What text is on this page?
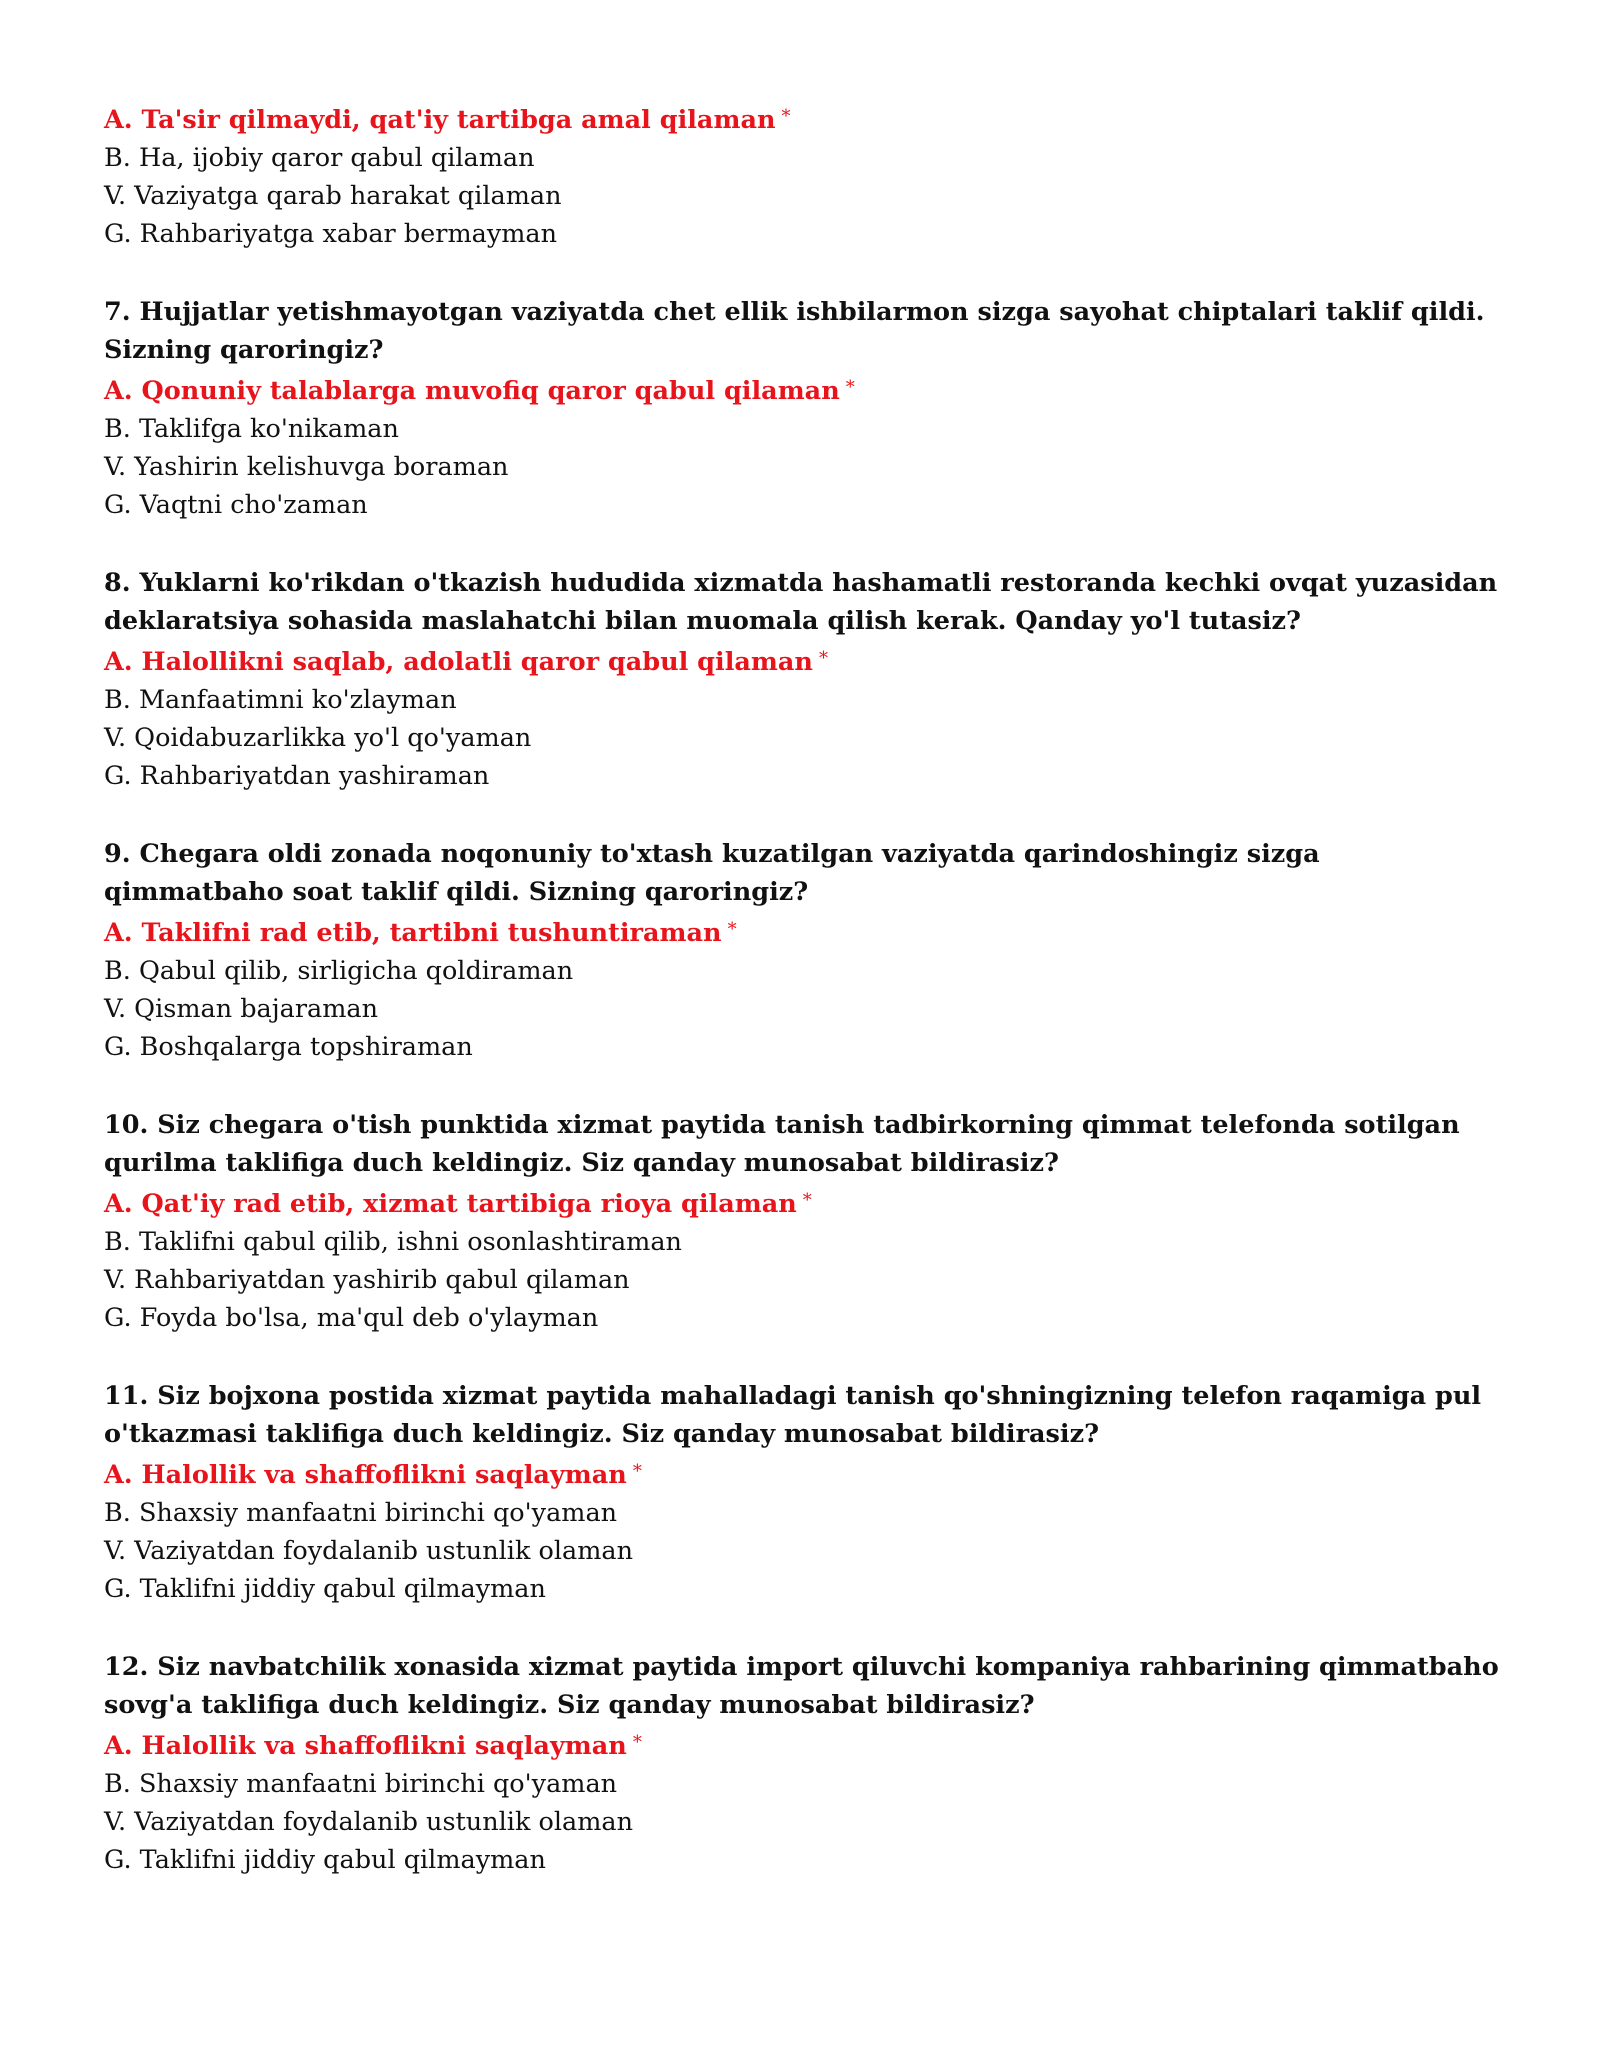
A. Ta'sir qilmaydi, qat'iy tartibga amal qilaman *

B. Ha, ijobiy qaror qabul qilaman

V. Vaziyatga qarab harakat qilaman

G. Rahbariyatga xabar bermayman

7. Hujjatlar yetishmayotgan vaziyatda chet ellik ishbilarmon sizga sayohat chiptalari taklif qildi. Sizning qaroringiz?

A. Qonuniy talablarga muvofiq qaror qabul qilaman *

B. Taklifga ko'nikaman

V. Yashirin kelishuvga boraman

G. Vaqtni cho'zaman

8. Yuklarni ko'rikdan o'tkazish hududida xizmatda hashamatli restoranda kechki ovqat yuzasidan deklaratsiya sohasida maslahatchi bilan muomala qilish kerak. Qanday yo'l tutasiz?

A. Halollikni saqlab, adolatli qaror qabul qilaman *

B. Manfaatimni ko'zlayman

V. Qoidabuzarlikka yo'l qo'yaman

G. Rahbariyatdan yashiraman

9. Chegara oldi zonada noqonuniy to'xtash kuzatilgan vaziyatda qarindoshingiz sizga qimmatbaho soat taklif qildi. Sizning qaroringiz?

A. Taklifni rad etib, tartibni tushuntiraman *

B. Qabul qilib, sirligicha qoldiraman

V. Qisman bajaraman

G. Boshqalarga topshiraman

10. Siz chegara o'tish punktida xizmat paytida tanish tadbirkorning qimmat telefonda sotilgan qurilma taklifiga duch keldingiz. Siz qanday munosabat bildirasiz?

A. Qat'iy rad etib, xizmat tartibiga rioya qilaman *

B. Taklifni qabul qilib, ishni osonlashtiraman

V. Rahbariyatdan yashirib qabul qilaman

G. Foyda bo'lsa, ma'qul deb o'ylayman

11. Siz bojxona postida xizmat paytida mahalladagi tanish qo'shningizning telefon raqamiga pul o'tkazmasi taklifiga duch keldingiz. Siz qanday munosabat bildirasiz?

A. Halollik va shaffoflikni saqlayman *

B. Shaxsiy manfaatni birinchi qo'yaman

V. Vaziyatdan foydalanib ustunlik olaman

G. Taklifni jiddiy qabul qilmayman

12. Siz navbatchilik xonasida xizmat paytida import qiluvchi kompaniya rahbarining qimmatbaho sovg'a taklifiga duch keldingiz. Siz qanday munosabat bildirasiz?

A. Halollik va shaffoflikni saqlayman *

B. Shaxsiy manfaatni birinchi qo'yaman

V. Vaziyatdan foydalanib ustunlik olaman

G. Taklifni jiddiy qabul qilmayman
